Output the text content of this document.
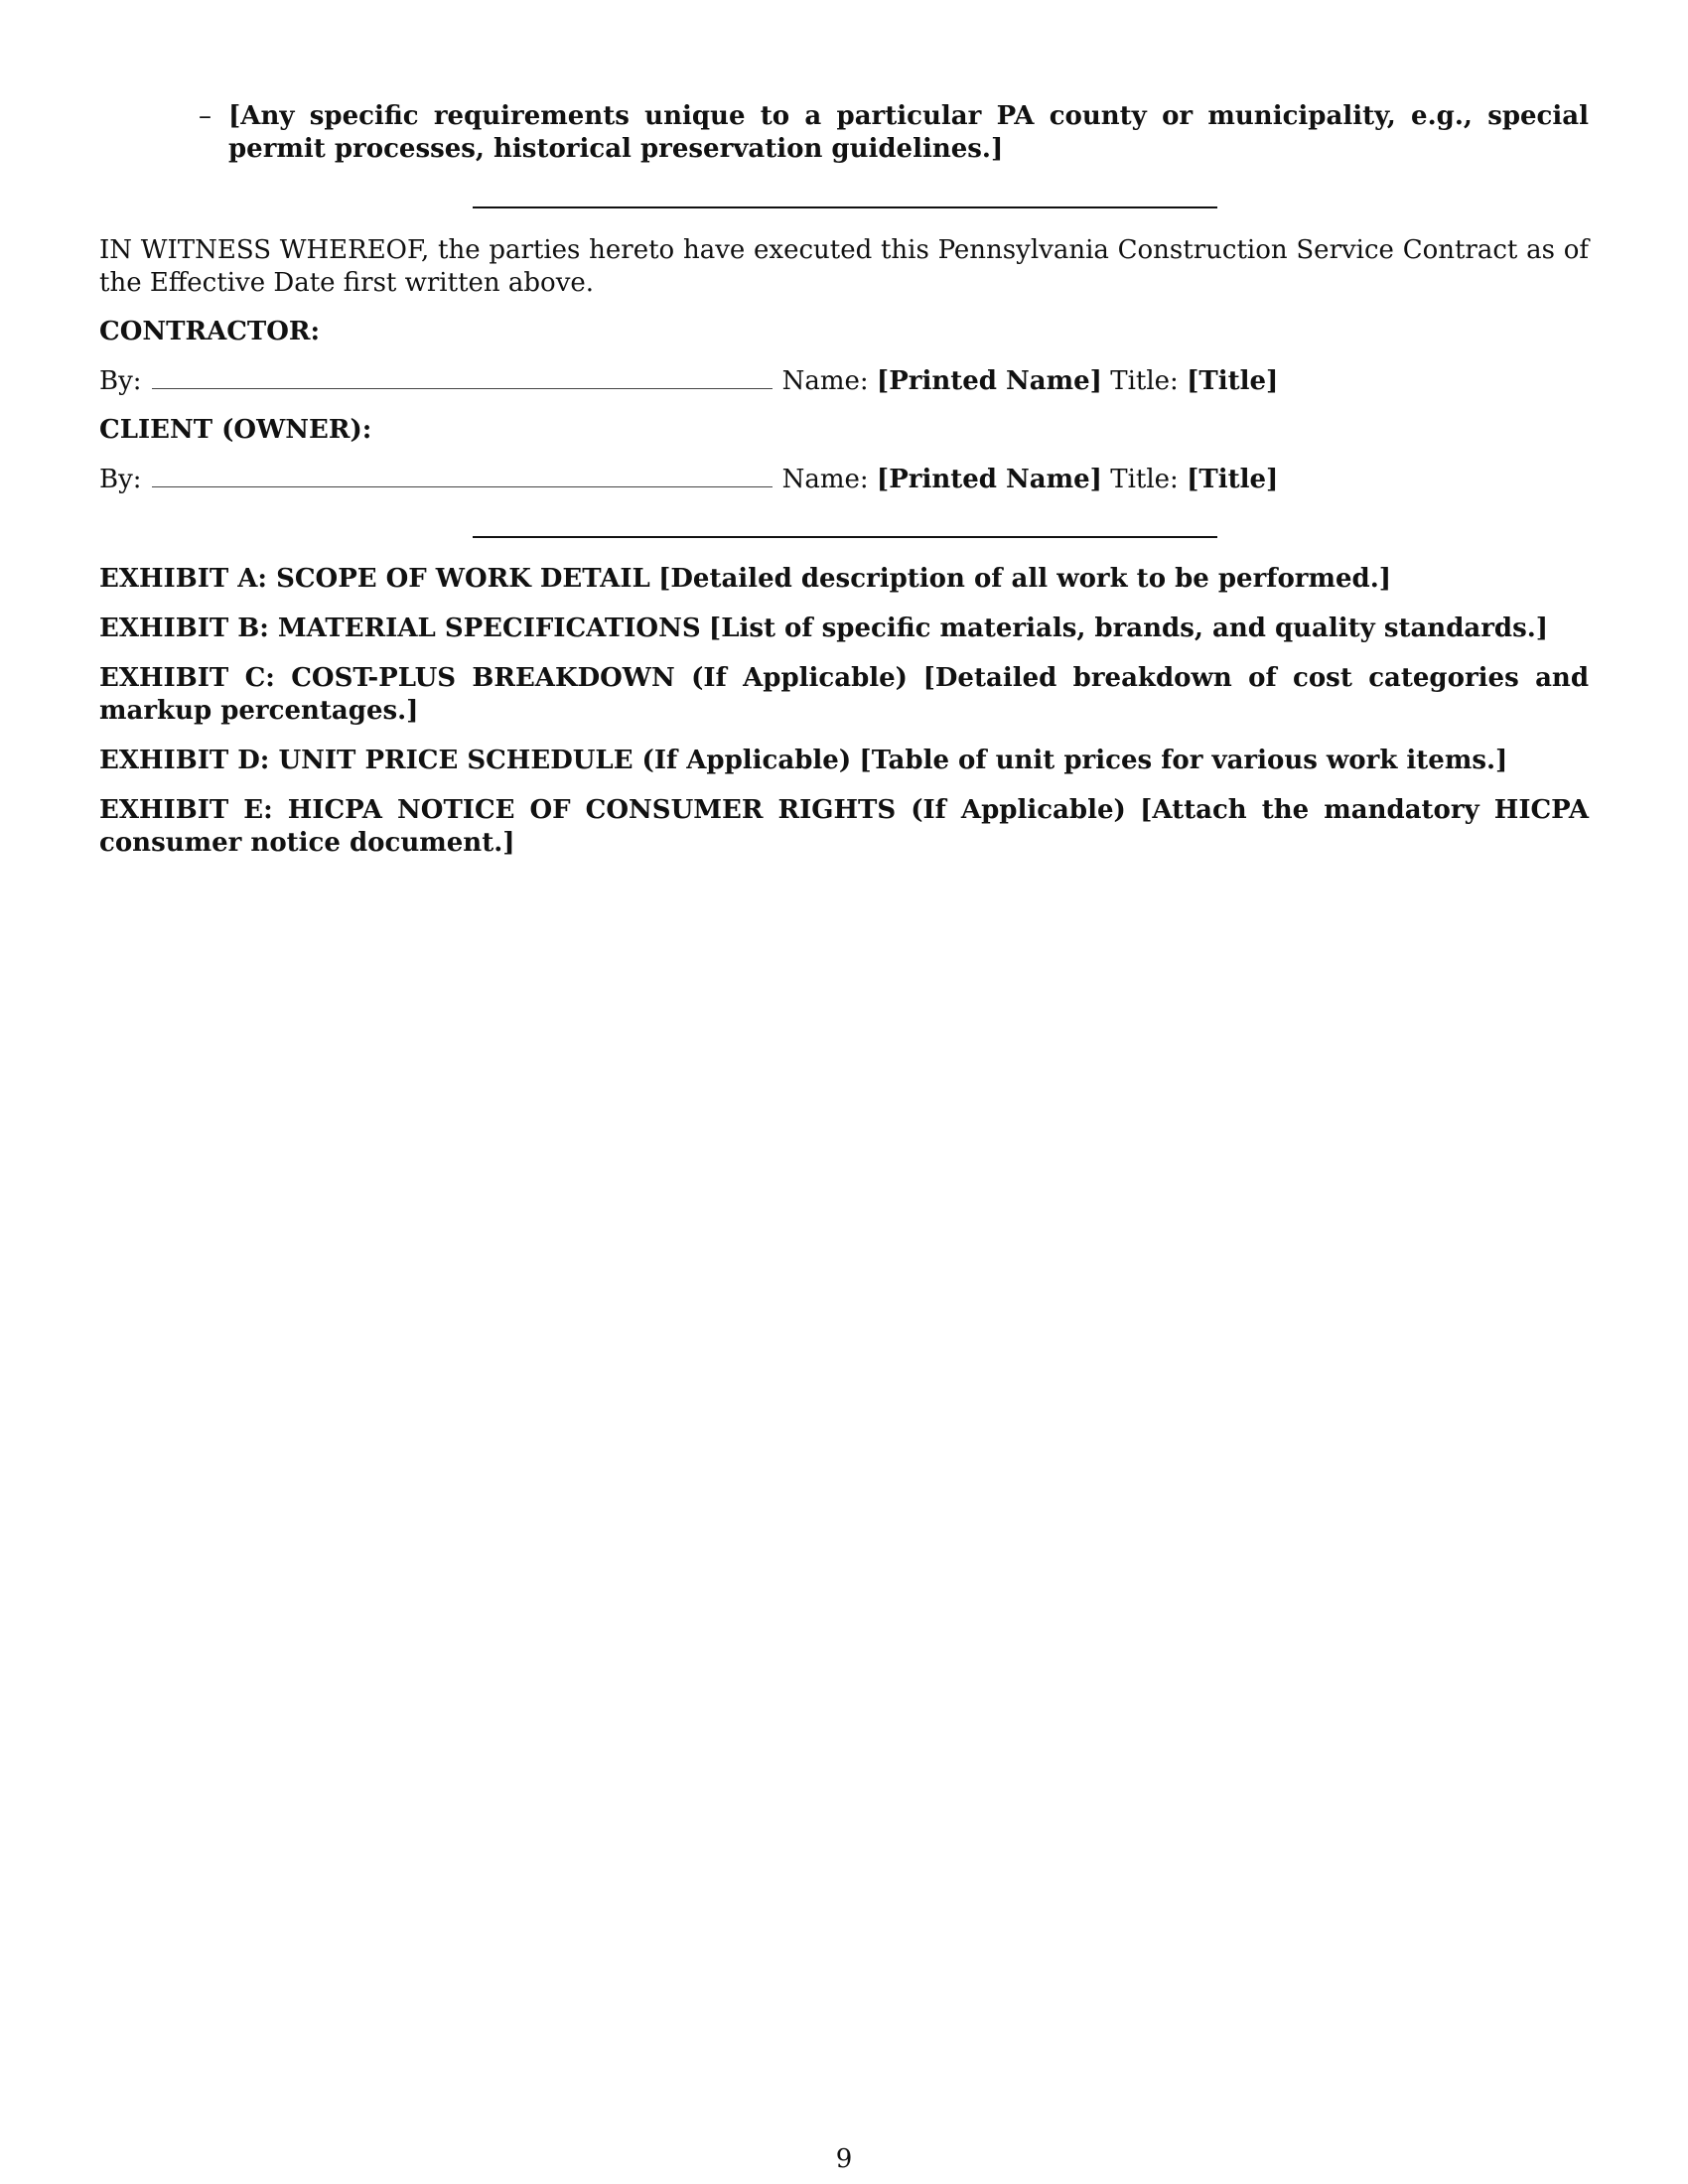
– [Any specific requirements unique to a particular PA county or municipality, e.g., special permit processes, historical preservation guidelines.]
IN WITNESS WHEREOF, the parties hereto have executed this Pennsylvania Construction Service Contract as of the Effective Date first written above.
CONTRACTOR:
By:	Name:
[Printed Name]
Title:
[Title]
CLIENT (OWNER):
By:	Name:
[Printed Name]
Title:
[Title]
EXHIBIT A: SCOPE OF WORK DETAIL [Detailed description of all work to be performed.]
EXHIBIT B: MATERIAL SPECIFICATIONS [List of specific materials, brands, and quality standards.]
EXHIBIT C: COST-PLUS BREAKDOWN (If Applicable) [Detailed breakdown of cost categories and markup percentages.]
EXHIBIT D: UNIT PRICE SCHEDULE (If Applicable) [Table of unit prices for various work items.]
EXHIBIT E: HICPA NOTICE OF CONSUMER RIGHTS (If Applicable) [Attach the mandatory HICPA consumer notice document.]
9
